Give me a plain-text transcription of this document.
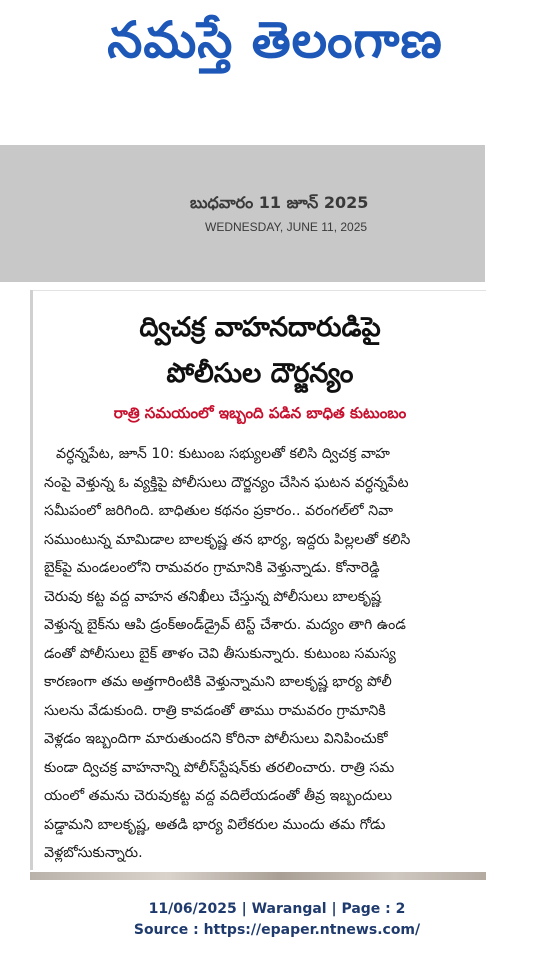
నమస్తే తెలంగాణ
బుధవారం 11 జూన్ 2025
WEDNESDAY, JUNE 11, 2025
ద్విచక్ర వాహనదారుడిపై
పోలీసుల దౌర్జన్యం
రాత్రి సమయంలో ఇబ్బంది పడిన బాధిత కుటుంబం
వర్ధన్నపేట, జూన్ 10: కుటుంబ సభ్యులతో కలిసి ద్విచక్ర వాహ
నంపై వెళ్తున్న ఓ వ్యక్తిపై పోలీసులు దౌర్జన్యం చేసిన ఘటన వర్ధన్నపేట
సమీపంలో జరిగింది. బాధితుల కథనం ప్రకారం.. వరంగల్‌లో నివా
సముంటున్న మామిడాల బాలకృష్ణ తన భార్య, ఇద్దరు పిల్లలతో కలిసి
బైక్‌పై మండలంలోని రామవరం గ్రామానికి వెళ్తున్నాడు. కోనారెడ్డి
చెరువు కట్ట వద్ద వాహన తనిఖీలు చేస్తున్న పోలీసులు బాలకృష్ణ
వెళ్తున్న బైక్‌ను ఆపి డ్రంక్‌అండ్‌డ్రైవ్ టెస్ట్ చేశారు. మద్యం తాగి ఉండ
డంతో పోలీసులు బైక్ తాళం చెవి తీసుకున్నారు. కుటుంబ సమస్య
కారణంగా తమ అత్తగారింటికి వెళ్తున్నామని బాలకృష్ణ భార్య పోలీ
సులను వేడుకుంది. రాత్రి కావడంతో తాము రామవరం గ్రామానికి
వెళ్లడం ఇబ్బందిగా మారుతుందని కోరినా పోలీసులు వినిపించుకో
కుండా ద్విచక్ర వాహనాన్ని పోలీస్‌స్టేషన్‌కు తరలించారు. రాత్రి సమ
యంలో తమను చెరువుకట్ట వద్ద వదిలేయడంతో తీవ్ర ఇబ్బందులు
పడ్డామని బాలకృష్ణ, అతడి భార్య విలేకరుల ముందు తమ గోడు
వెళ్లబోసుకున్నారు.
11/06/2025 | Warangal | Page : 2
Source : https://epaper.ntnews.com/
